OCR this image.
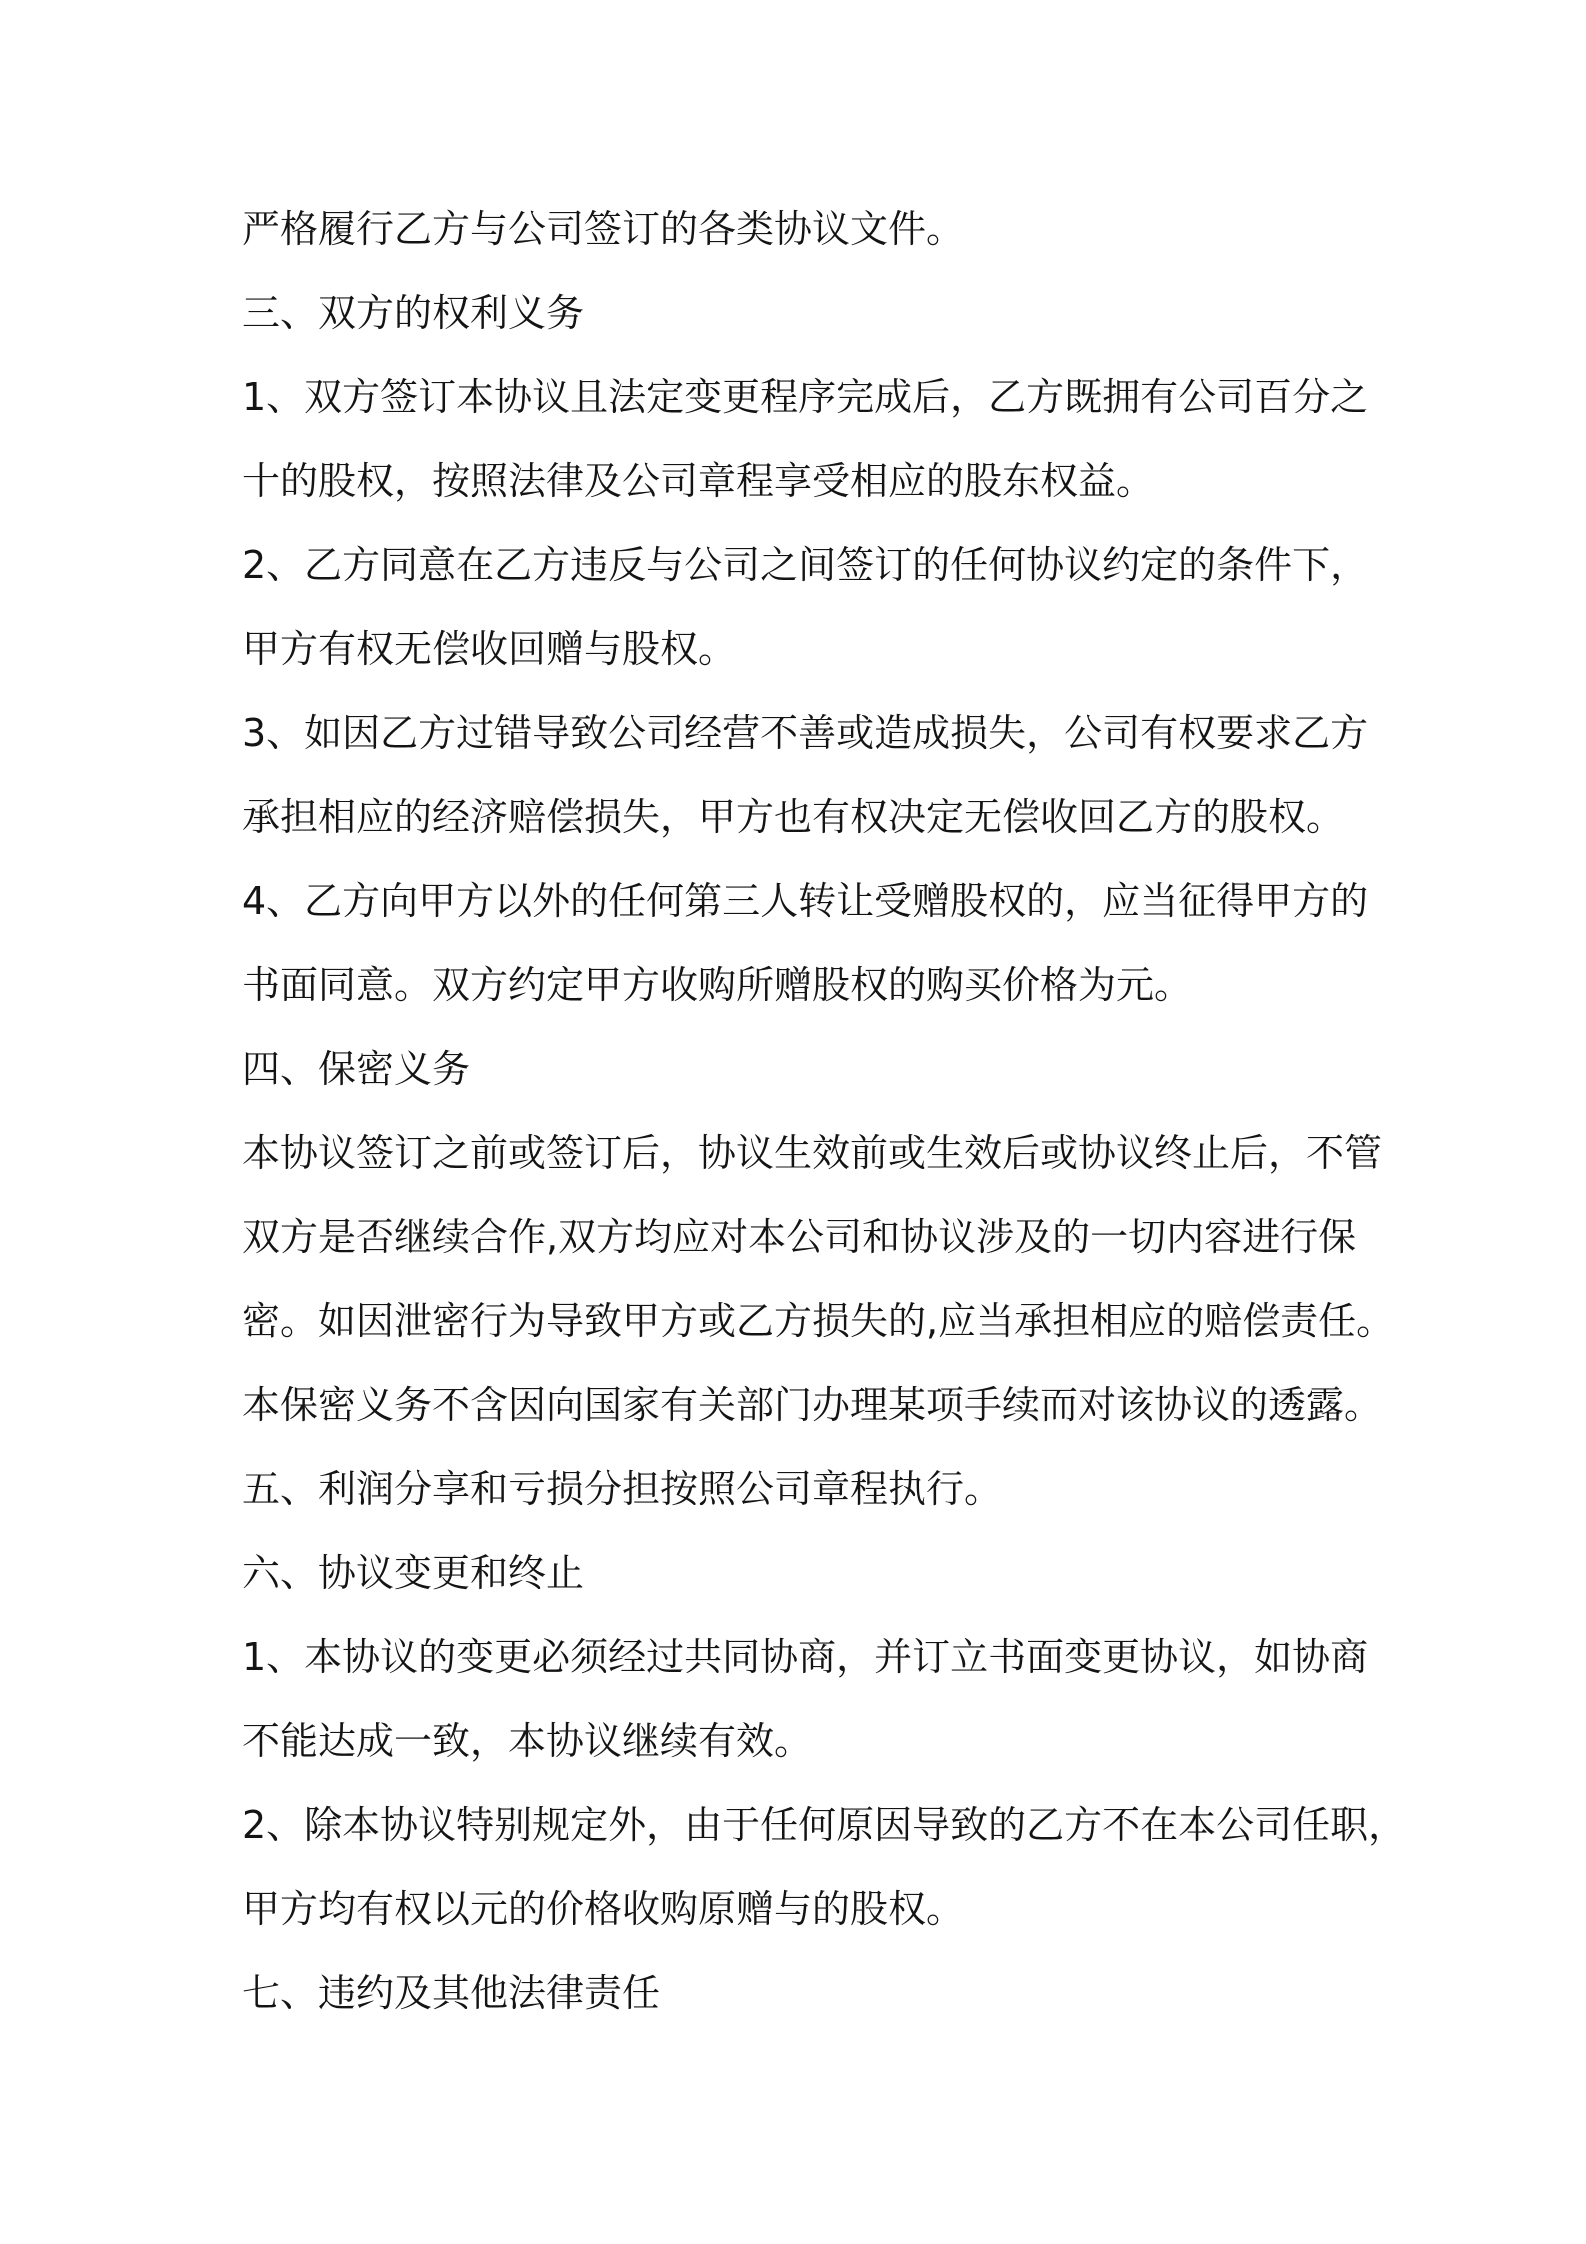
严格履行乙方与公司签订的各类协议文件。
三、双方的权利义务
1、双方签订本协议且法定变更程序完成后，乙方既拥有公司百分之
十的股权，按照法律及公司章程享受相应的股东权益。
2、乙方同意在乙方违反与公司之间签订的任何协议约定的条件下，
甲方有权无偿收回赠与股权。
3、如因乙方过错导致公司经营不善或造成损失，公司有权要求乙方
承担相应的经济赔偿损失，甲方也有权决定无偿收回乙方的股权。
4、乙方向甲方以外的任何第三人转让受赠股权的，应当征得甲方的
书面同意。双方约定甲方收购所赠股权的购买价格为元。
四、保密义务
本协议签订之前或签订后，协议生效前或生效后或协议终止后，不管
双方是否继续合作,双方均应对本公司和协议涉及的一切内容进行保
密。如因泄密行为导致甲方或乙方损失的,应当承担相应的赔偿责任。
本保密义务不含因向国家有关部门办理某项手续而对该协议的透露。
五、利润分享和亏损分担按照公司章程执行。
六、协议变更和终止
1、本协议的变更必须经过共同协商，并订立书面变更协议，如协商
不能达成一致，本协议继续有效。
2、除本协议特别规定外，由于任何原因导致的乙方不在本公司任职，
甲方均有权以元的价格收购原赠与的股权。
七、违约及其他法律责任
